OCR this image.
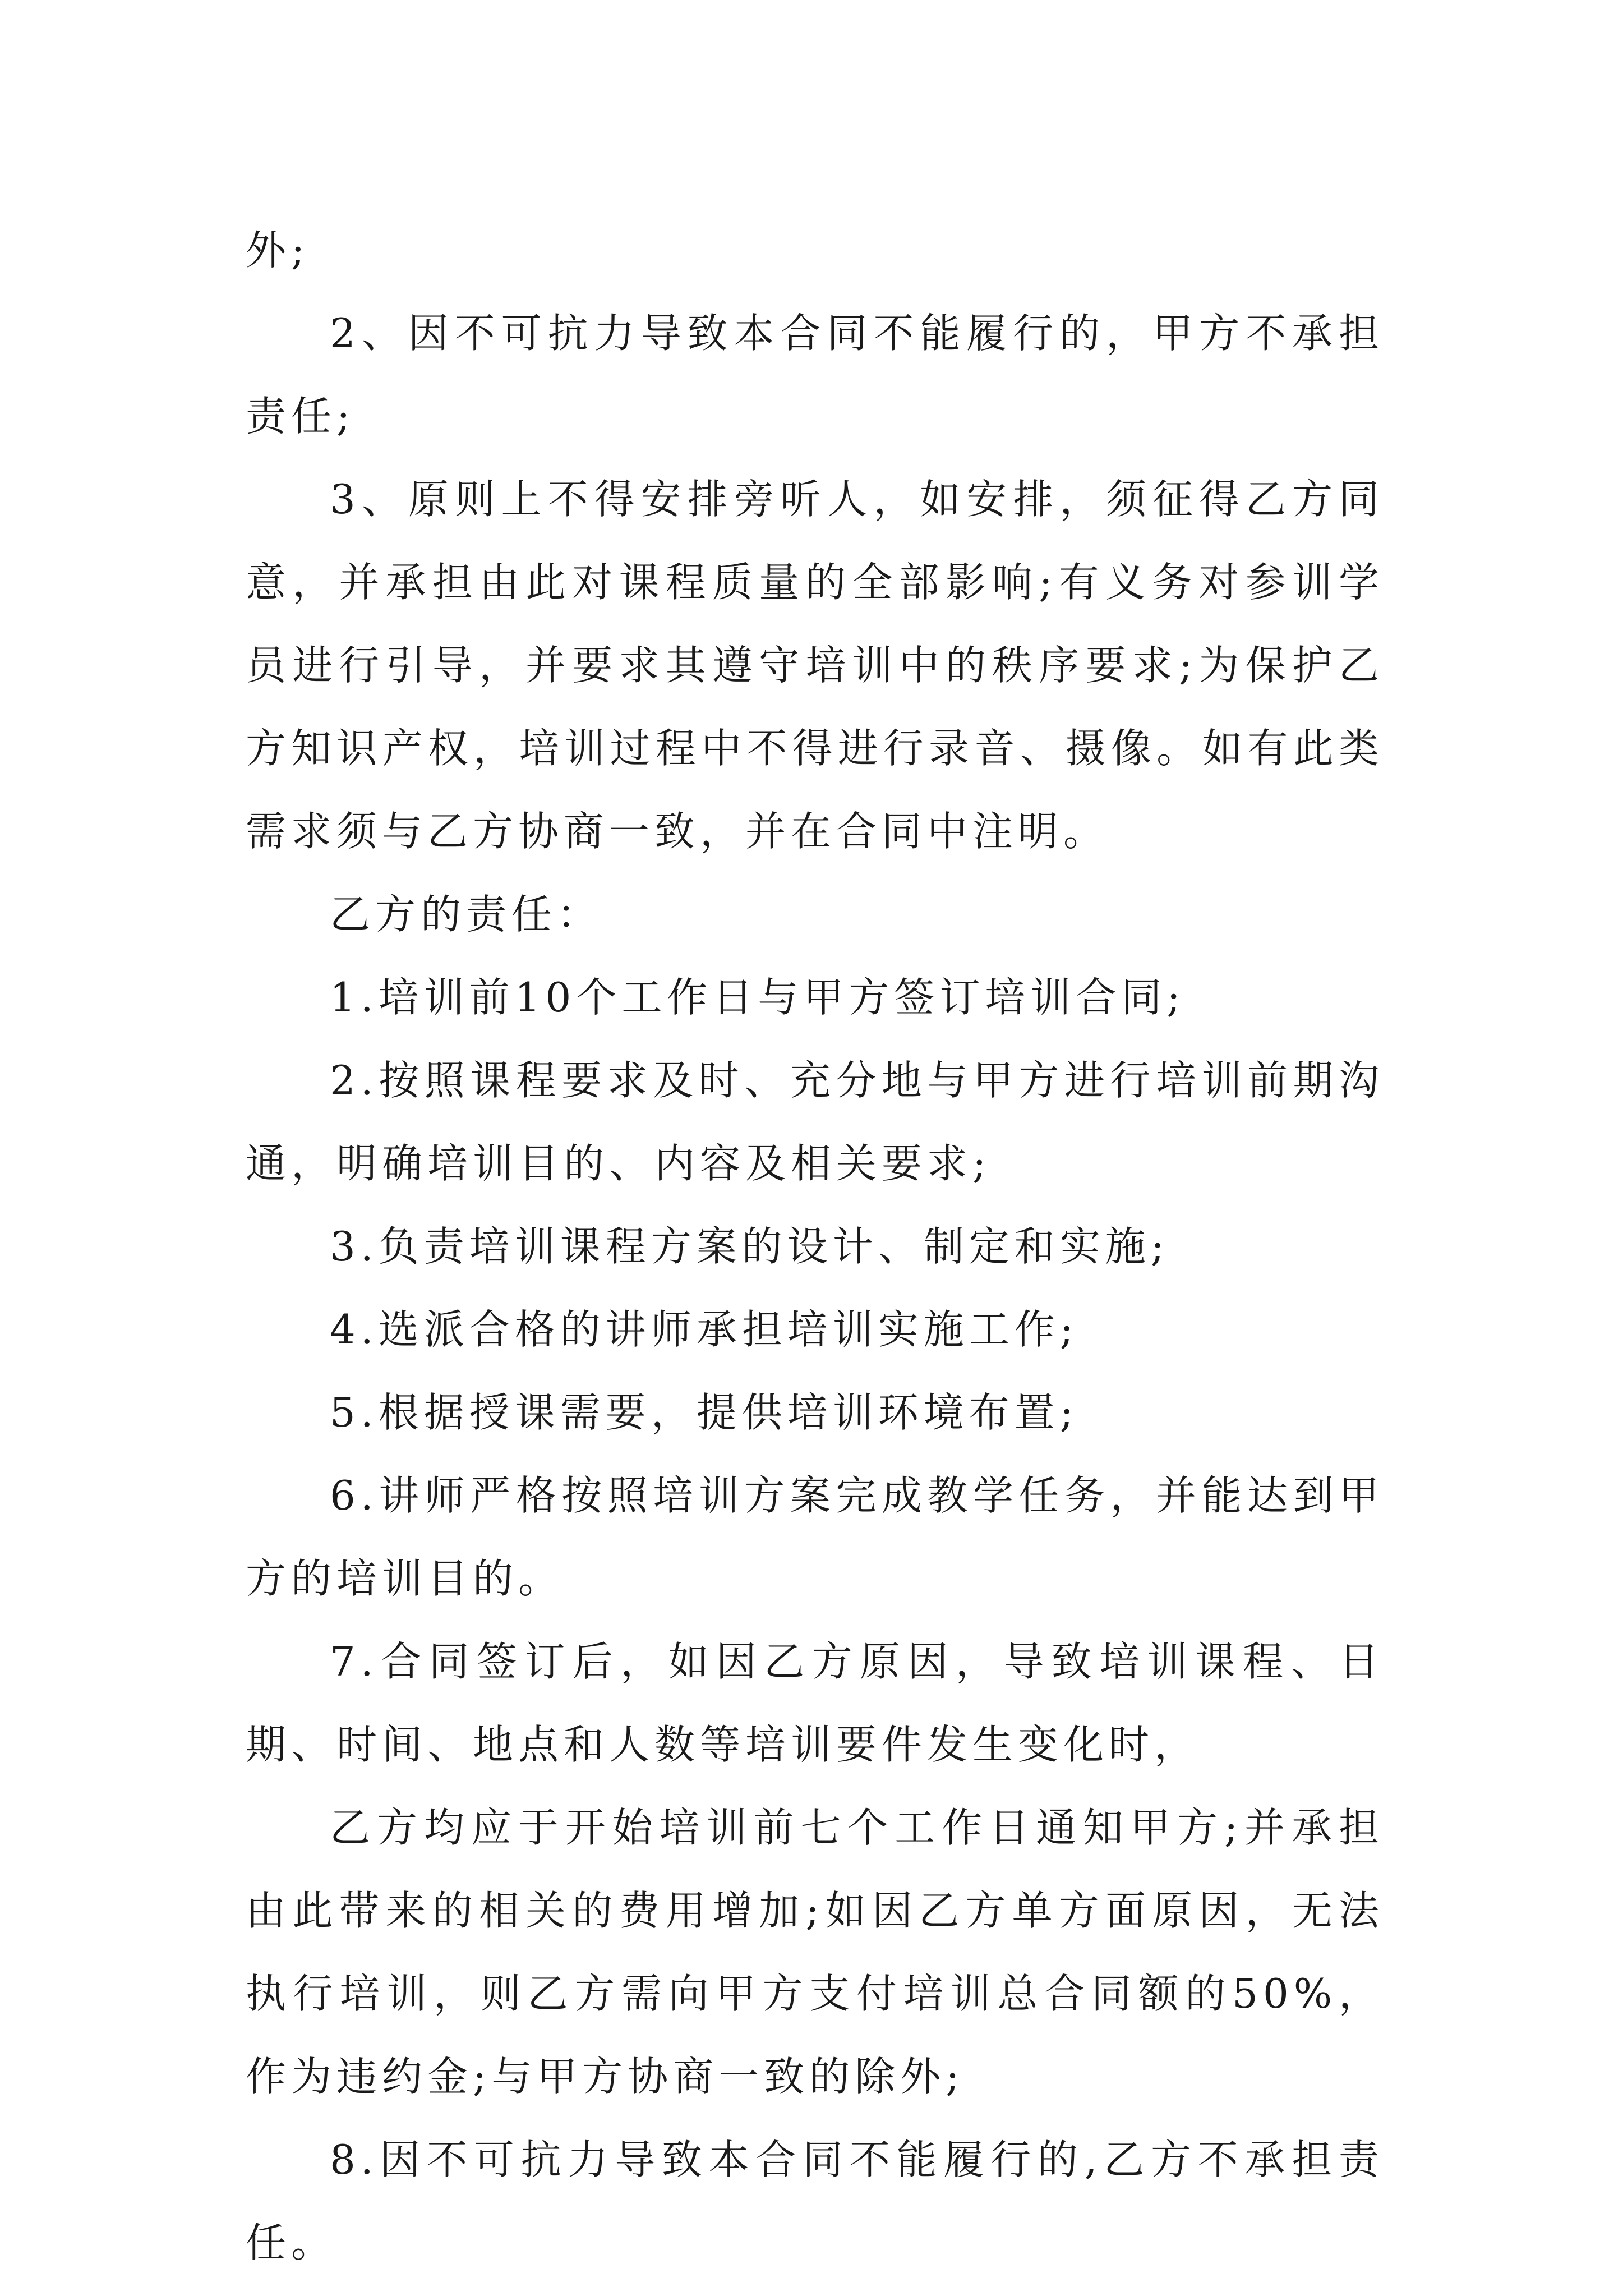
外;

2、因不可抗力导致本合同不能履行的，甲方不承担责任;

3、原则上不得安排旁听人，如安排，须征得乙方同意，并承担由此对课程质量的全部影响;有义务对参训学员进行引导，并要求其遵守培训中的秩序要求;为保护乙方知识产权，培训过程中不得进行录音、摄像。如有此类需求须与乙方协商一致，并在合同中注明。

乙方的责任：

1.培训前10个工作日与甲方签订培训合同;

2.按照课程要求及时、充分地与甲方进行培训前期沟通，明确培训目的、内容及相关要求;

3.负责培训课程方案的设计、制定和实施;

4.选派合格的讲师承担培训实施工作;

5.根据授课需要，提供培训环境布置;

6.讲师严格按照培训方案完成教学任务，并能达到甲方的培训目的。

7.合同签订后，如因乙方原因，导致培训课程、日期、时间、地点和人数等培训要件发生变化时，

乙方均应于开始培训前七个工作日通知甲方;并承担由此带来的相关的费用增加;如因乙方单方面原因，无法执行培训，则乙方需向甲方支付培训总合同额的50%，作为违约金;与甲方协商一致的除外;

8.因不可抗力导致本合同不能履行的,乙方不承担责任。
